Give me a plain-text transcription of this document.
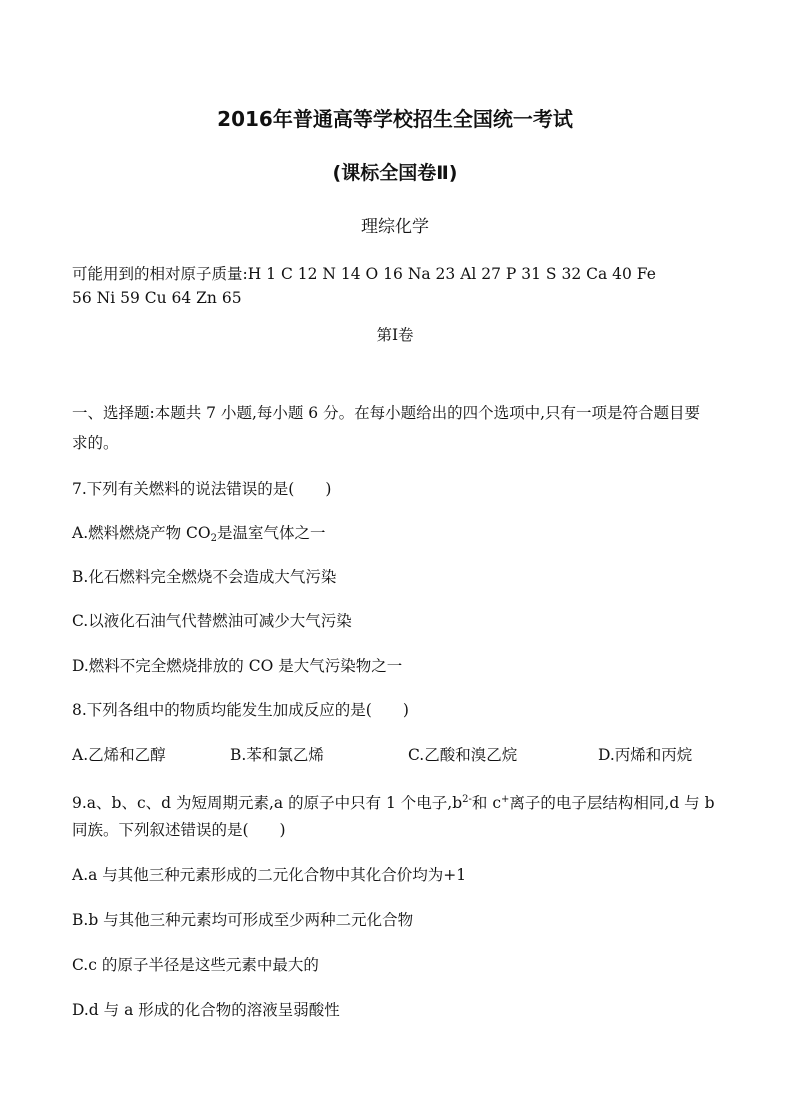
2016年普通高等学校招生全国统一考试
(课标全国卷Ⅱ)
理综化学
可能用到的相对原子质量:H 1 C 12 N 14 O 16 Na 23 Al 27 P 31 S 32 Ca 40 Fe
56 Ni 59 Cu 64 Zn 65
第Ⅰ卷
一、选择题:本题共 7 小题,每小题 6 分。在每小题给出的四个选项中,只有一项是符合题目要
求的。
7.下列有关燃料的说法错误的是(　　)
A.燃料燃烧产物 $CO_2$是温室气体之一
B.化石燃料完全燃烧不会造成大气污染
C.以液化石油气代替燃油可减少大气污染
D.燃料不完全燃烧排放的 CO 是大气污染物之一
8.下列各组中的物质均能发生加成反应的是(　　)
A.乙烯和乙醇	B.苯和氯乙烯	C.乙酸和溴乙烷	D.丙烯和丙烷
9.a、b、c、d 为短周期元素,a 的原子中只有 1 个电子$,b^{2-}$和 c+离子的电子层结构相同,d 与 b
同族。下列叙述错误的是(　　)
A.a 与其他三种元素形成的二元化合物中其化合价均为+1
B.b 与其他三种元素均可形成至少两种二元化合物
C.c 的原子半径是这些元素中最大的
D.d 与 a 形成的化合物的溶液呈弱酸性
